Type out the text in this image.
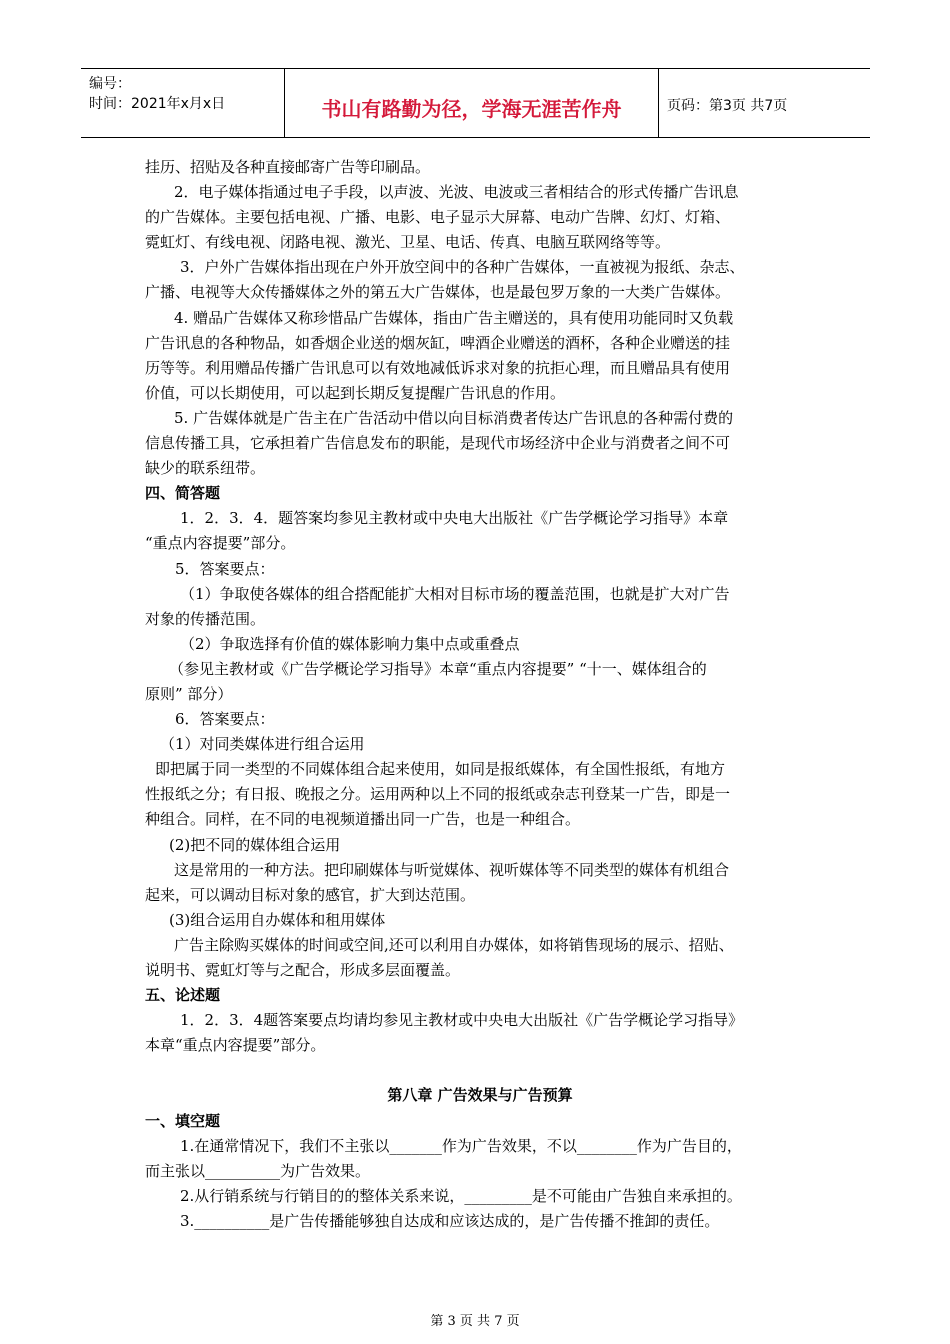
编号：
时间：2021年x月x日	书山有路勤为径，学海无涯苦作舟	页码：第3页 共7页
挂历、招贴及各种直接邮寄广告等印刷品。
2．电子媒体指通过电子手段，以声波、光波、电波或三者相结合的形式传播广告讯息
的广告媒体。主要包括电视、广播、电影、电子显示大屏幕、电动广告牌、幻灯、灯箱、
霓虹灯、有线电视、闭路电视、激光、卫星、电话、传真、电脑互联网络等等。
3．户外广告媒体指出现在户外开放空间中的各种广告媒体，一直被视为报纸、杂志、
广播、电视等大众传播媒体之外的第五大广告媒体，也是最包罗万象的一大类广告媒体。
4. 赠品广告媒体又称珍惜品广告媒体，指由广告主赠送的，具有使用功能同时又负载
广告讯息的各种物品，如香烟企业送的烟灰缸，啤酒企业赠送的酒杯，各种企业赠送的挂
历等等。利用赠品传播广告讯息可以有效地减低诉求对象的抗拒心理，而且赠品具有使用
价值，可以长期使用，可以起到长期反复提醒广告讯息的作用。
5. 广告媒体就是广告主在广告活动中借以向目标消费者传达广告讯息的各种需付费的
信息传播工具，它承担着广告信息发布的职能，是现代市场经济中企业与消费者之间不可
缺少的联系纽带。
四、简答题
1．2．3．4．题答案均参见主教材或中央电大出版社《广告学概论学习指导》本章
“重点内容提要”部分。
5．答案要点：
（1）争取使各媒体的组合搭配能扩大相对目标市场的覆盖范围，也就是扩大对广告
对象的传播范围。
（2）争取选择有价值的媒体影响力集中点或重叠点
（参见主教材或《广告学概论学习指导》本章“重点内容提要” “十一、媒体组合的
原则” 部分）
6．答案要点：
（1）对同类媒体进行组合运用
即把属于同一类型的不同媒体组合起来使用，如同是报纸媒体，有全国性报纸，有地方
性报纸之分；有日报、晚报之分。运用两种以上不同的报纸或杂志刊登某一广告，即是一
种组合。同样，在不同的电视频道播出同一广告，也是一种组合。
(2)把不同的媒体组合运用
这是常用的一种方法。把印刷媒体与听觉媒体、视听媒体等不同类型的媒体有机组合
起来，可以调动目标对象的感官，扩大到达范围。
(3)组合运用自办媒体和租用媒体
广告主除购买媒体的时间或空间,还可以利用自办媒体，如将销售现场的展示、招贴、
说明书、霓虹灯等与之配合，形成多层面覆盖。
五、论述题
1．2．3．4题答案要点均请均参见主教材或中央电大出版社《广告学概论学习指导》
本章“重点内容提要”部分。
第八章 广告效果与广告预算
一、填空题
1.在通常情况下，我们不主张以_______作为广告效果，不以________作为广告目的，
而主张以__________为广告效果。
2.从行销系统与行销目的的整体关系来说，_________是不可能由广告独自来承担的。
3.__________是广告传播能够独自达成和应该达成的，是广告传播不推卸的责任。
第 3 页 共 7 页
